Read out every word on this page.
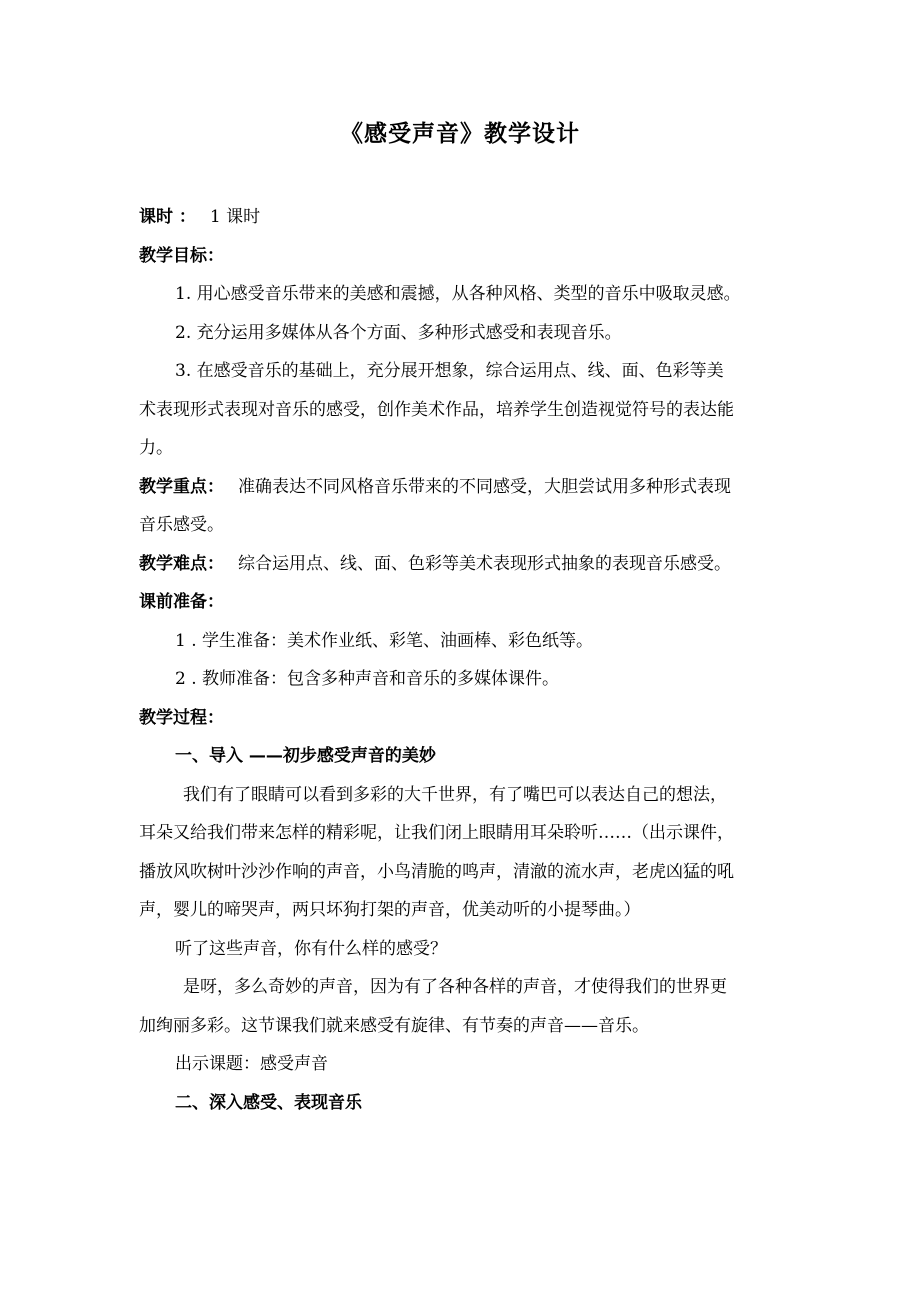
《感受声音》教学设计

课时 ： 1 课时

教学目标：

1. 用心感受音乐带来的美感和震撼，从各种风格、类型的音乐中吸取灵感。

2. 充分运用多媒体从各个方面、多种形式感受和表现音乐。

3. 在感受音乐的基础上，充分展开想象，综合运用点、线、面、色彩等美

术表现形式表现对音乐的感受，创作美术作品，培养学生创造视觉符号的表达能

力。

教学重点： 准确表达不同风格音乐带来的不同感受，大胆尝试用多种形式表现

音乐感受。

教学难点： 综合运用点、线、面、色彩等美术表现形式抽象的表现音乐感受。

课前准备：

1 . 学生准备：美术作业纸、彩笔、油画棒、彩色纸等。

2 . 教师准备：包含多种声音和音乐的多媒体课件。

教学过程：

一、导入 ——初步感受声音的美妙

我们有了眼睛可以看到多彩的大千世界，有了嘴巴可以表达自己的想法，

耳朵又给我们带来怎样的精彩呢，让我们闭上眼睛用耳朵聆听……（出示课件，

播放风吹树叶沙沙作响的声音，小鸟清脆的鸣声，清澈的流水声，老虎凶猛的吼

声，婴儿的啼哭声，两只坏狗打架的声音，优美动听的小提琴曲。）

听了这些声音，你有什么样的感受？

是呀，多么奇妙的声音，因为有了各种各样的声音，才使得我们的世界更

加绚丽多彩。这节课我们就来感受有旋律、有节奏的声音——音乐。

出示课题：感受声音

二、深入感受、表现音乐
